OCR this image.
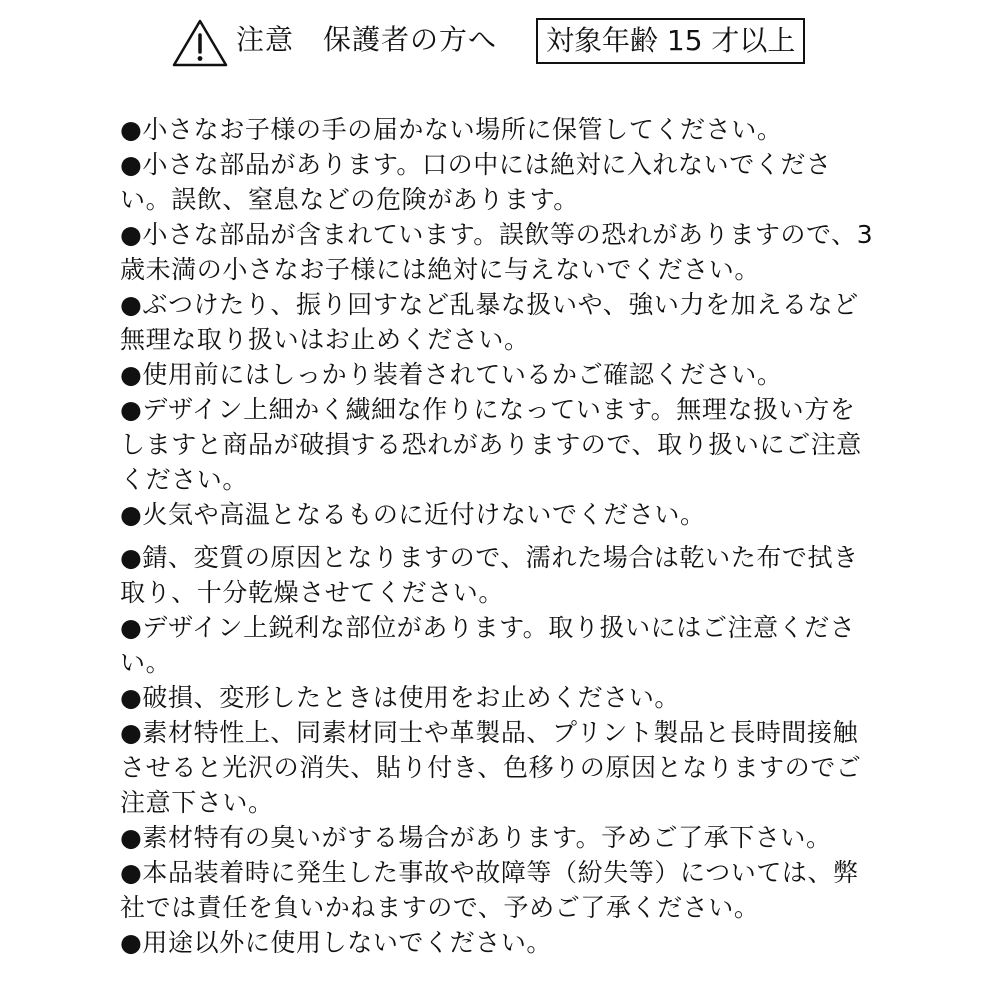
注意　保護者の方へ	対象年齢 15 才以上
●小さなお子様の手の届かない場所に保管してください。
●小さな部品があります。口の中には絶対に入れないでください。誤飲、窒息などの危険があります。
●小さな部品が含まれています。誤飲等の恐れがありますので、3歳未満の小さなお子様には絶対に与えないでください。
●ぶつけたり、振り回すなど乱暴な扱いや、強い力を加えるなど無理な取り扱いはお止めください。
●使用前にはしっかり装着されているかご確認ください。
●デザイン上細かく繊細な作りになっています。無理な扱い方をしますと商品が破損する恐れがありますので、取り扱いにご注意ください。
●火気や高温となるものに近付けないでください。
●錆、変質の原因となりますので、濡れた場合は乾いた布で拭き取り、十分乾燥させてください。
●デザイン上鋭利な部位があります。取り扱いにはご注意ください。
●破損、変形したときは使用をお止めください。
●素材特性上、同素材同士や革製品、プリント製品と長時間接触させると光沢の消失、貼り付き、色移りの原因となりますのでご注意下さい。
●素材特有の臭いがする場合があります。予めご了承下さい。
●本品装着時に発生した事故や故障等（紛失等）については、弊社では責任を負いかねますので、予めご了承ください。
●用途以外に使用しないでください。
